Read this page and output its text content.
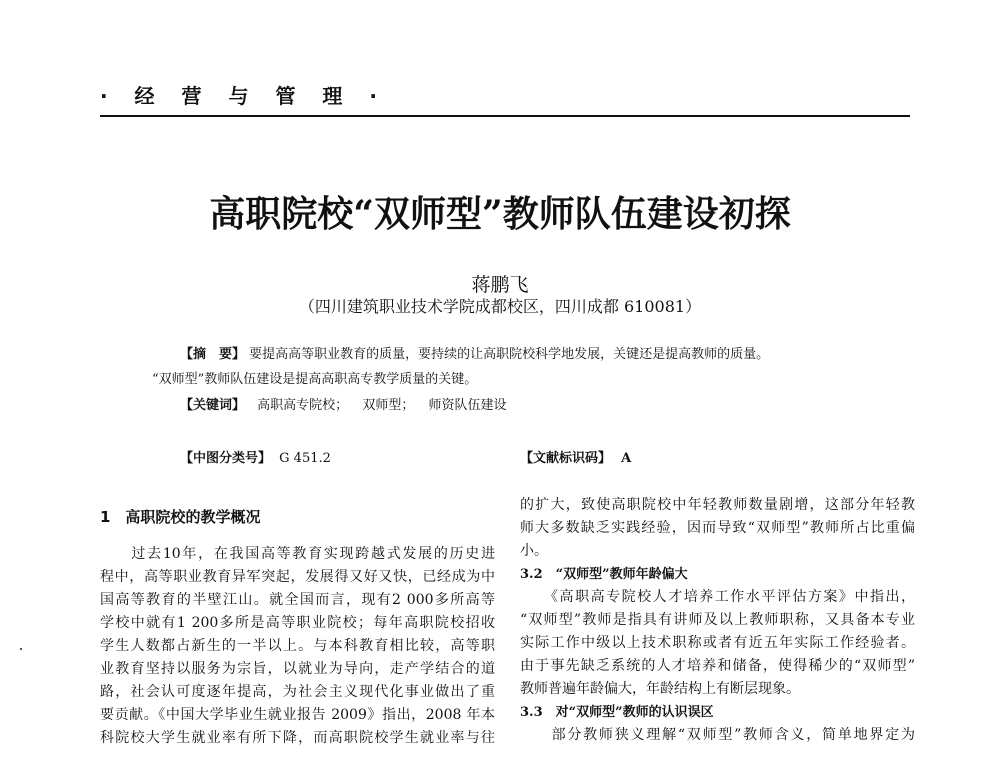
· 经 营 与 管 理 ·
高职院校“双师型”教师队伍建设初探
蒋鹏飞
（四川建筑职业技术学院成都校区，四川成都 610081）
【摘　要】 要提高高等职业教育的质量，要持续的让高职院校科学地发展，关键还是提高教师的质量。
“双师型”教师队伍建设是提高高职高专教学质量的关键。
【关键词】 高职高专院校； 双师型； 师资队伍建设
【中图分类号】 G 451.2	【文献标识码】 A
1　高职院校的教学概况
　　过去10年，在我国高等教育实现跨越式发展的历史进
程中，高等职业教育异军突起，发展得又好又快，已经成为中
国高等教育的半壁江山。就全国而言，现有2 000多所高等
学校中就有1 200多所是高等职业院校；每年高职院校招收
学生人数都占新生的一半以上。与本科教育相比较，高等职
业教育坚持以服务为宗旨，以就业为导向，走产学结合的道
路，社会认可度逐年提高，为社会主义现代化事业做出了重
要贡献。《中国大学毕业生就业报告 2009》指出，2008 年本
科院校大学生就业率有所下降，而高职院校学生就业率与往
的扩大，致使高职院校中年轻教师数量剧增，这部分年轻教
师大多数缺乏实践经验，因而导致“双师型”教师所占比重偏
小。
3.2　“双师型”教师年龄偏大
　　《高职高专院校人才培养工作水平评估方案》中指出，
“双师型”教师是指具有讲师及以上教师职称，又具备本专业
实际工作中级以上技术职称或者有近五年实际工作经验者。
由于事先缺乏系统的人才培养和储备，使得稀少的“双师型”
教师普遍年龄偏大，年龄结构上有断层现象。
3.3　对“双师型”教师的认识误区
　　部分教师狭义理解“双师型”教师含义，简单地界定为
